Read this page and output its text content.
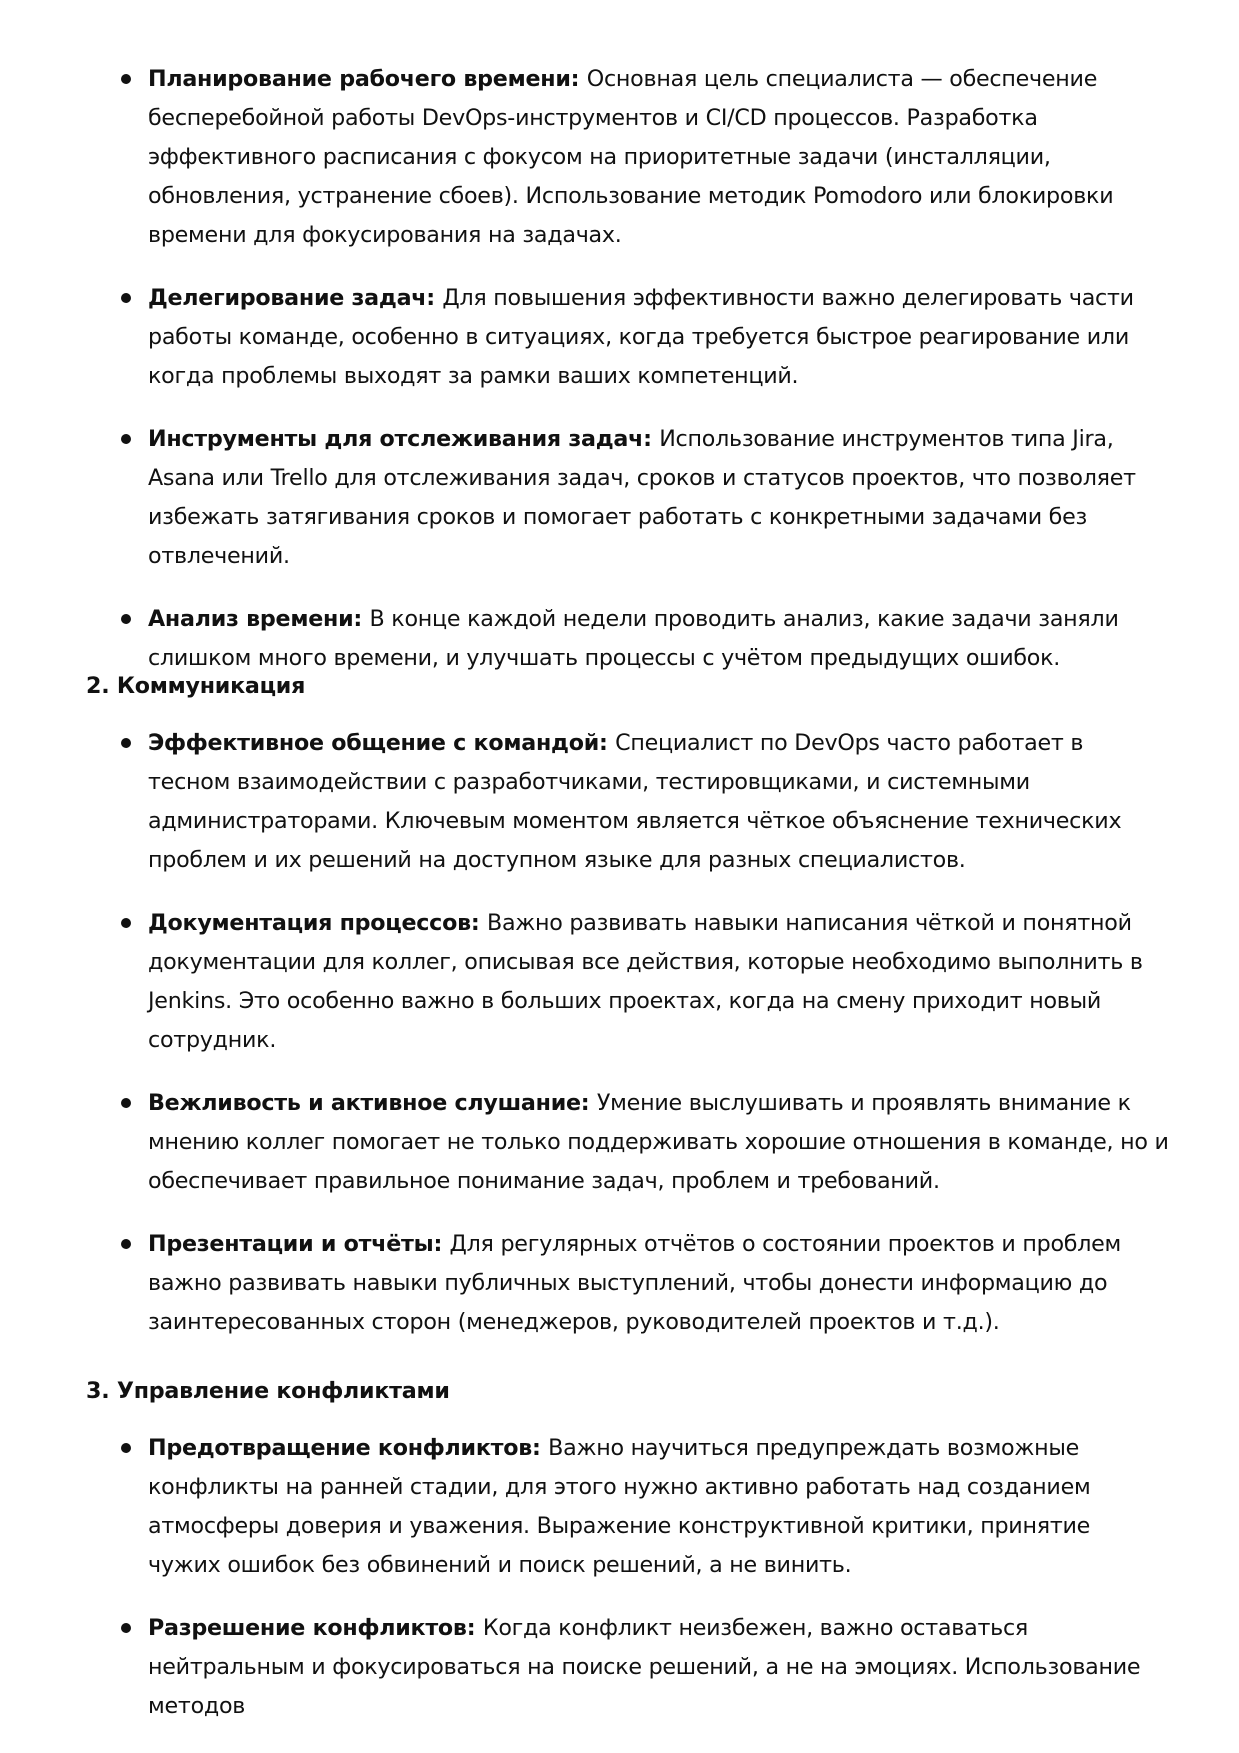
Планирование рабочего времени: Основная цель специалиста — обеспечение бесперебойной работы DevOps-инструментов и CI/CD процессов. Разработка эффективного расписания с фокусом на приоритетные задачи (инсталляции, обновления, устранение сбоев). Использование методик Pomodoro или блокировки времени для фокусирования на задачах.
Делегирование задач: Для повышения эффективности важно делегировать части работы команде, особенно в ситуациях, когда требуется быстрое реагирование или когда проблемы выходят за рамки ваших компетенций.
Инструменты для отслеживания задач: Использование инструментов типа Jira, Asana или Trello для отслеживания задач, сроков и статусов проектов, что позволяет избежать затягивания сроков и помогает работать с конкретными задачами без отвлечений.
Анализ времени: В конце каждой недели проводить анализ, какие задачи заняли слишком много времени, и улучшать процессы с учётом предыдущих ошибок.
2. Коммуникация
Эффективное общение с командой: Специалист по DevOps часто работает в тесном взаимодействии с разработчиками, тестировщиками, и системными администраторами. Ключевым моментом является чёткое объяснение технических проблем и их решений на доступном языке для разных специалистов.
Документация процессов: Важно развивать навыки написания чёткой и понятной документации для коллег, описывая все действия, которые необходимо выполнить в Jenkins. Это особенно важно в больших проектах, когда на смену приходит новый сотрудник.
Вежливость и активное слушание: Умение выслушивать и проявлять внимание к мнению коллег помогает не только поддерживать хорошие отношения в команде, но и обеспечивает правильное понимание задач, проблем и требований.
Презентации и отчёты: Для регулярных отчётов о состоянии проектов и проблем важно развивать навыки публичных выступлений, чтобы донести информацию до заинтересованных сторон (менеджеров, руководителей проектов и т.д.).
3. Управление конфликтами
Предотвращение конфликтов: Важно научиться предупреждать возможные конфликты на ранней стадии, для этого нужно активно работать над созданием атмосферы доверия и уважения. Выражение конструктивной критики, принятие чужих ошибок без обвинений и поиск решений, а не винить.
Разрешение конфликтов: Когда конфликт неизбежен, важно оставаться нейтральным и фокусироваться на поиске решений, а не на эмоциях. Использование методов
